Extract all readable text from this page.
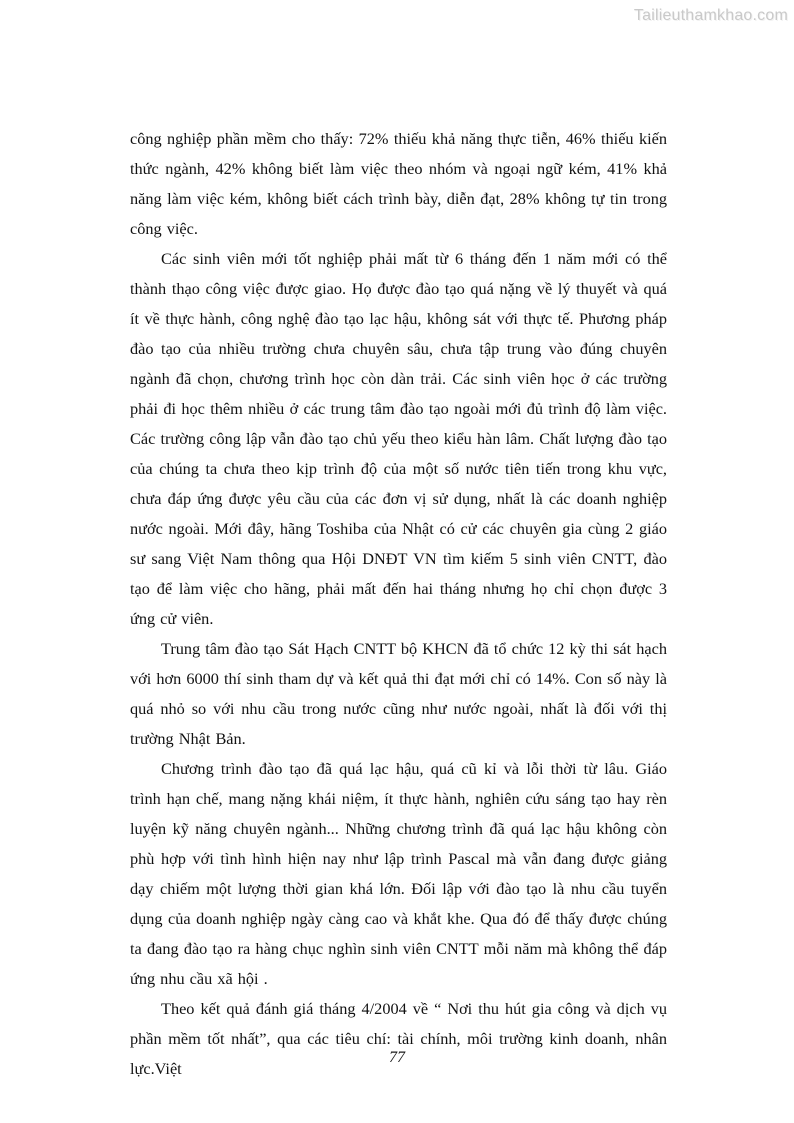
Tailieuthamkhao.com

công nghiệp phần mềm cho thấy: 72% thiếu khả năng thực tiễn, 46% thiếu kiến thức ngành, 42% không biết làm việc theo nhóm và ngoại ngữ kém, 41% khả năng làm việc kém, không biết cách trình bày, diễn đạt, 28% không tự tin trong công việc.

Các sinh viên mới tốt nghiệp phải mất từ 6 tháng đến 1 năm mới có thể thành thạo công việc được giao. Họ được đào tạo quá nặng về lý thuyết và quá ít về thực hành, công nghệ đào tạo lạc hậu, không sát với thực tế. Phương pháp đào tạo của nhiều trường chưa chuyên sâu, chưa tập trung vào đúng chuyên ngành đã chọn, chương trình học còn dàn trải. Các sinh viên học ở các trường phải đi học thêm nhiều ở các trung tâm đào tạo ngoài mới đủ trình độ làm việc. Các trường công lập vẫn đào tạo chủ yếu theo kiểu hàn lâm. Chất lượng đào tạo của chúng ta chưa theo kịp trình độ của một số nước tiên tiến trong khu vực, chưa đáp ứng được yêu cầu của các đơn vị sử dụng, nhất là các doanh nghiệp nước ngoài. Mới đây, hãng Toshiba của Nhật có cử các chuyên gia cùng 2 giáo sư sang Việt Nam thông qua Hội DNĐT VN tìm kiếm 5 sinh viên CNTT, đào tạo để làm việc cho hãng, phải mất đến hai tháng nhưng họ chỉ chọn được 3 ứng cử viên.

Trung tâm đào tạo Sát Hạch CNTT bộ KHCN đã tổ chức 12 kỳ thi sát hạch với hơn 6000 thí sinh tham dự và kết quả thi đạt mới chỉ có 14%. Con số này là quá nhỏ so với nhu cầu trong nước cũng như nước ngoài, nhất là đối với thị trường Nhật Bản.

Chương trình đào tạo đã quá lạc hậu, quá cũ kỉ và lỗi thời từ lâu. Giáo trình hạn chế, mang nặng khái niệm, ít thực hành, nghiên cứu sáng tạo hay rèn luyện kỹ năng chuyên ngành... Những chương trình đã quá lạc hậu không còn phù hợp với tình hình hiện nay như lập trình Pascal mà vẫn đang được giảng dạy chiếm một lượng thời gian khá lớn. Đối lập với đào tạo là nhu cầu tuyển dụng của doanh nghiệp ngày càng cao và khắt khe. Qua đó để thấy được chúng ta đang đào tạo ra hàng chục nghìn sinh viên CNTT mỗi năm mà không thể đáp ứng nhu cầu xã hội .

Theo kết quả đánh giá tháng 4/2004 về “ Nơi thu hút gia công và dịch vụ phần mềm tốt nhất”, qua các tiêu chí: tài chính, môi trường kinh doanh, nhân lực.Việt

77
